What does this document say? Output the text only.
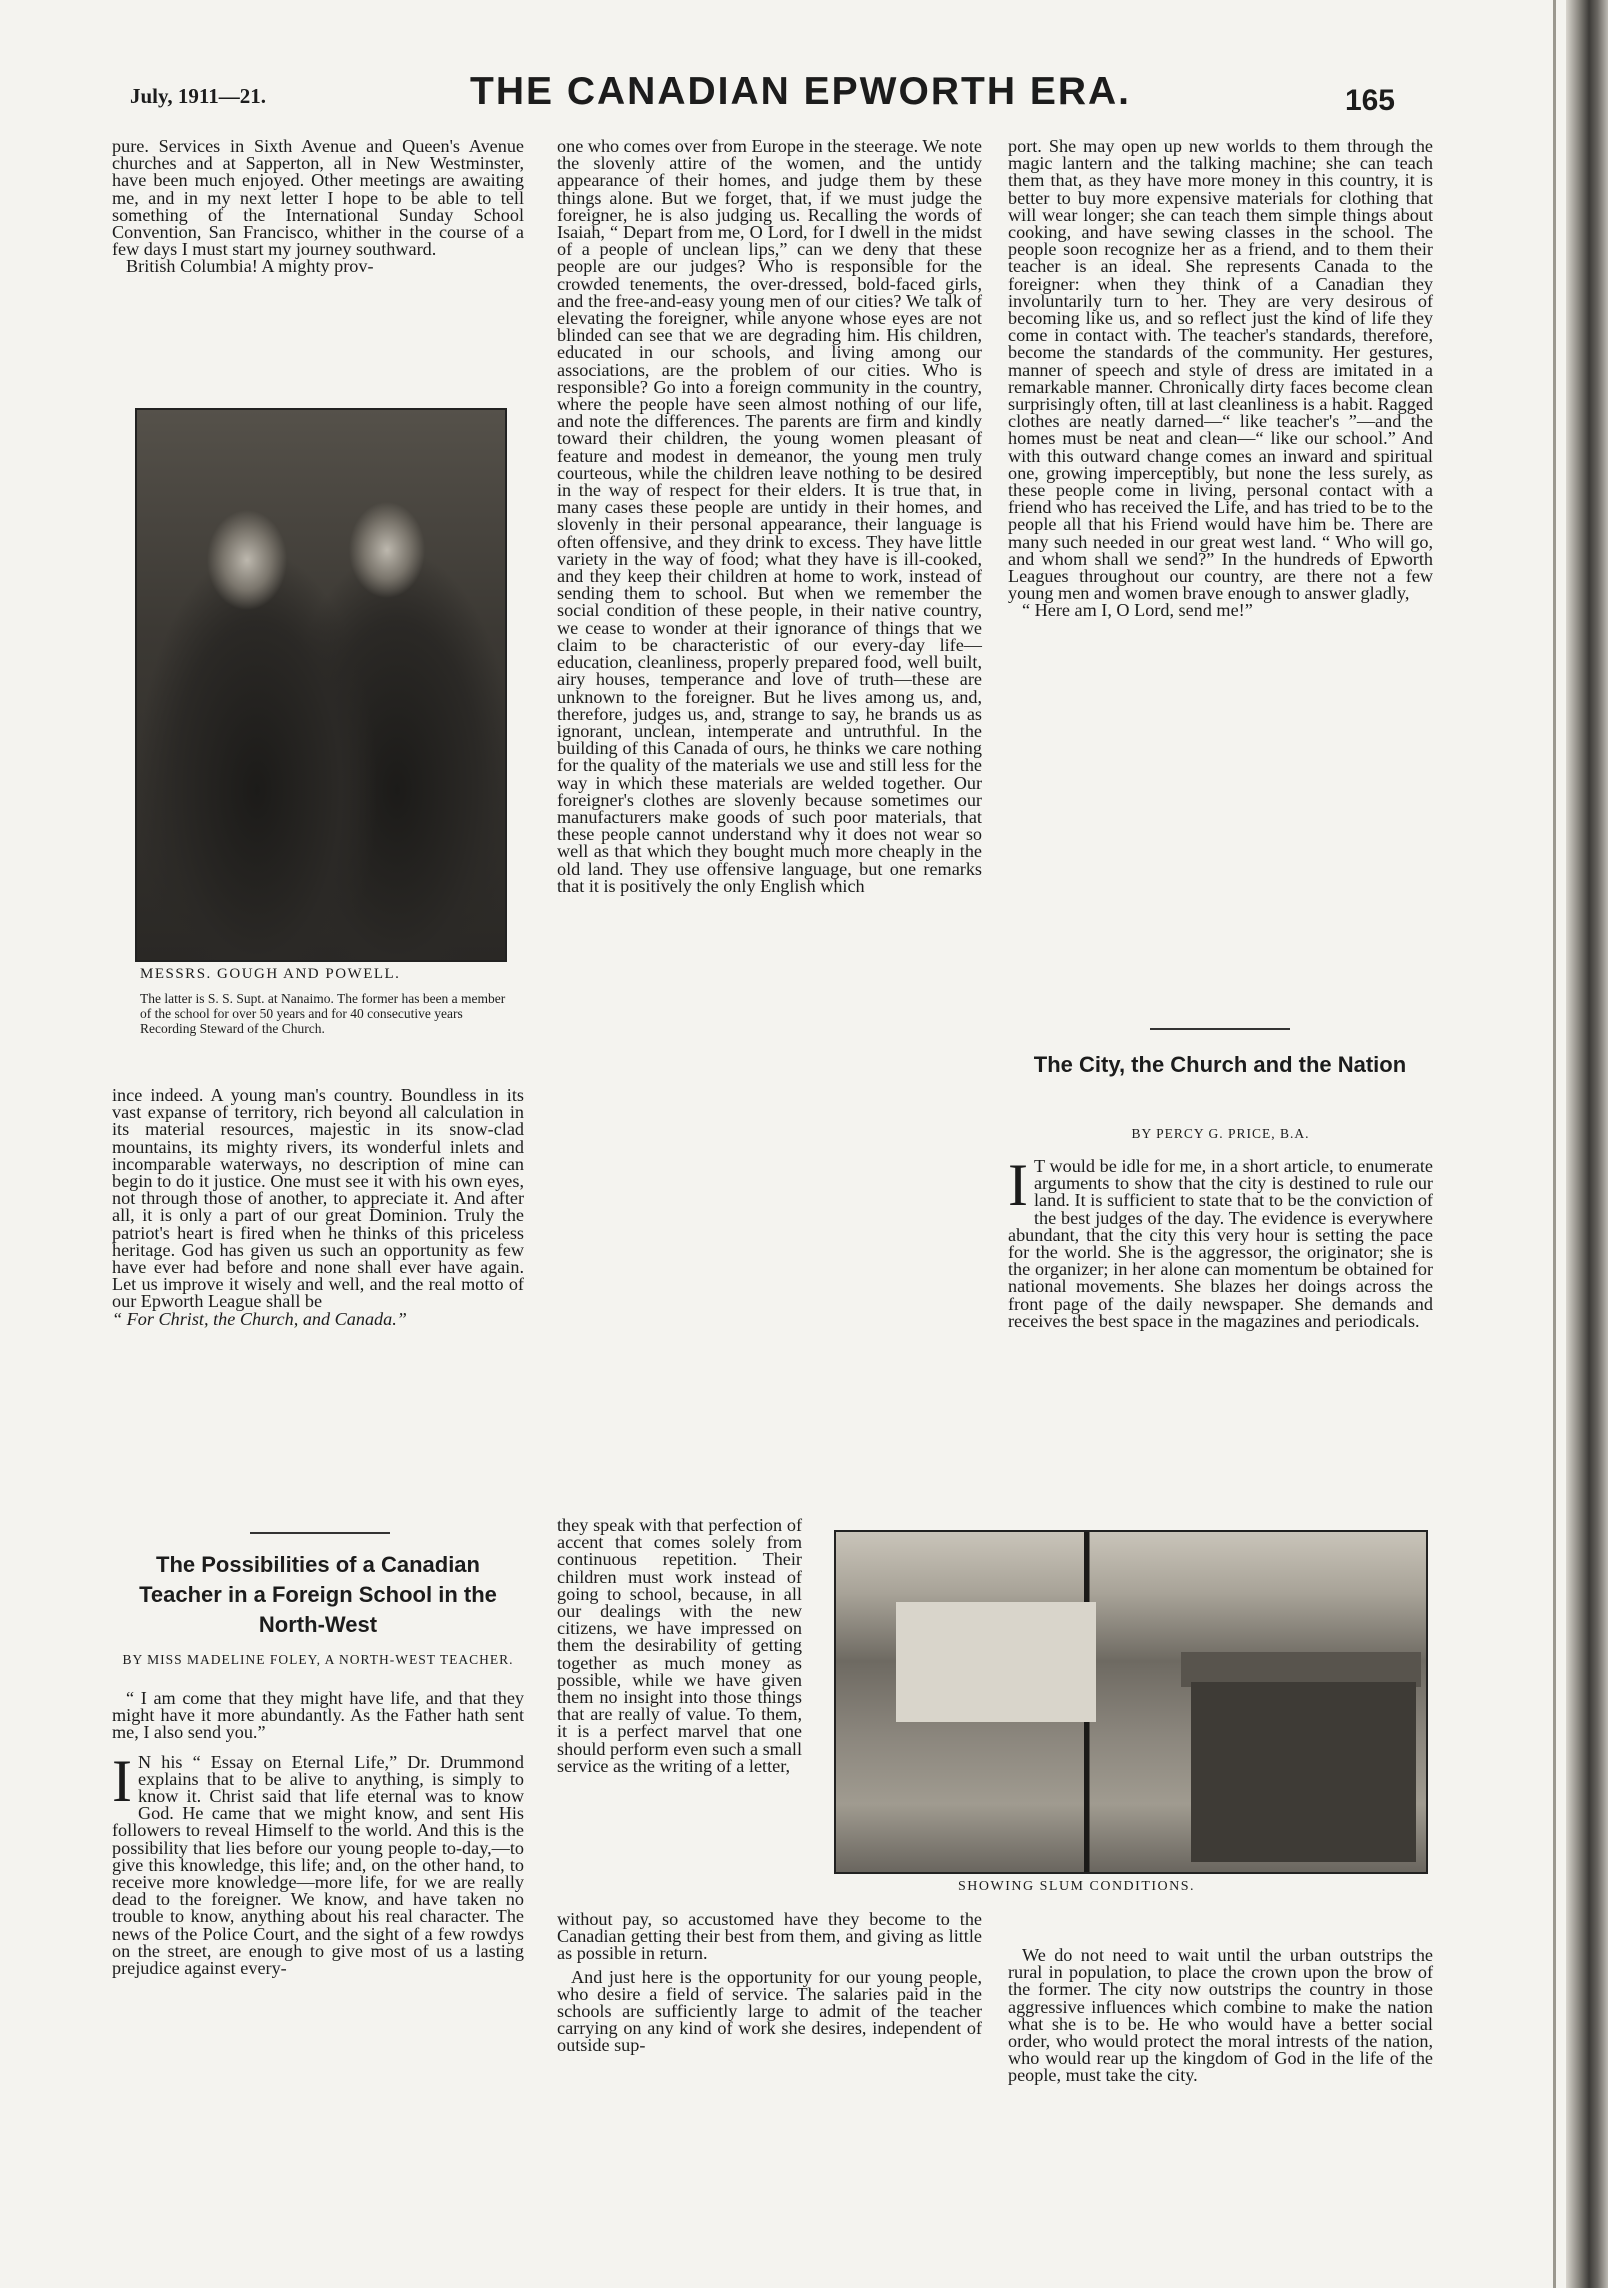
July, 1911—21.	THE CANADIAN EPWORTH ERA.	165

pure. Services in Sixth Avenue and Queen's Avenue churches and at Sapperton, all in New Westminster, have been much enjoyed. Other meetings are awaiting me, and in my next letter I hope to be able to tell something of the International Sunday School Convention, San Francisco, whither in the course of a few days I must start my journey southward.

British Columbia! A mighty prov-

MESSRS. GOUGH AND POWELL.
The latter is S. S. Supt. at Nanaimo. The former has been a member of the school for over 50 years and for 40 consecutive years Recording Steward of the Church.

ince indeed. A young man's country. Boundless in its vast expanse of territory, rich beyond all calculation in its material resources, majestic in its snow-clad mountains, its mighty rivers, its wonderful inlets and incomparable waterways, no description of mine can begin to do it justice. One must see it with his own eyes, not through those of another, to appreciate it. And after all, it is only a part of our great Dominion. Truly the patriot's heart is fired when he thinks of this priceless heritage. God has given us such an opportunity as few have ever had before and none shall ever have again. Let us improve it wisely and well, and the real motto of our Epworth League shall be

“ For Christ, the Church, and Canada.”

The Possibilities of a Canadian Teacher in a Foreign School in the North-West
BY MISS MADELINE FOLEY, A NORTH-WEST TEACHER.

“ I am come that they might have life, and that they might have it more abundantly. As the Father hath sent me, I also send you.”

I N his “ Essay on Eternal Life,” Dr. Drummond explains that to be alive to anything, is simply to know it. Christ said that life eternal was to know God. He came that we might know, and sent His followers to reveal Himself to the world. And this is the possibility that lies before our young people to-day,—to give this knowledge, this life; and, on the other hand, to receive more knowledge—more life, for we are really dead to the foreigner. We know, and have taken no trouble to know, anything about his real character. The news of the Police Court, and the sight of a few rowdys on the street, are enough to give most of us a lasting prejudice against every-

one who comes over from Europe in the steerage. We note the slovenly attire of the women, and the untidy appearance of their homes, and judge them by these things alone. But we forget, that, if we must judge the foreigner, he is also judging us. Recalling the words of Isaiah, “ Depart from me, O Lord, for I dwell in the midst of a people of unclean lips,” can we deny that these people are our judges? Who is responsible for the crowded tenements, the over-dressed, bold-faced girls, and the free-and-easy young men of our cities? We talk of elevating the foreigner, while anyone whose eyes are not blinded can see that we are degrading him. His children, educated in our schools, and living among our associations, are the problem of our cities. Who is responsible? Go into a foreign community in the country, where the people have seen almost nothing of our life, and note the differences. The parents are firm and kindly toward their children, the young women pleasant of feature and modest in demeanor, the young men truly courteous, while the children leave nothing to be desired in the way of respect for their elders. It is true that, in many cases these people are untidy in their homes, and slovenly in their personal appearance, their language is often offensive, and they drink to excess. They have little variety in the way of food; what they have is ill-cooked, and they keep their children at home to work, instead of sending them to school. But when we remember the social condition of these people, in their native country, we cease to wonder at their ignorance of things that we claim to be characteristic of our every-day life—education, cleanliness, properly prepared food, well built, airy houses, temperance and love of truth—these are unknown to the foreigner. But he lives among us, and, therefore, judges us, and, strange to say, he brands us as ignorant, unclean, intemperate and untruthful. In the building of this Canada of ours, he thinks we care nothing for the quality of the materials we use and still less for the way in which these materials are welded together. Our foreigner's clothes are slovenly because sometimes our manufacturers make goods of such poor materials, that these people cannot understand why it does not wear so well as that which they bought much more cheaply in the old land. They use offensive language, but one remarks that it is positively the only English which

they speak with that perfection of accent that comes solely from continuous repetition. Their children must work instead of going to school, because, in all our dealings with the new citizens, we have impressed on them the desirability of getting together as much money as possible, while we have given them no insight into those things that are really of value. To them, it is a perfect marvel that one should perform even such a small service as the writing of a letter,

without pay, so accustomed have they become to the Canadian getting their best from them, and giving as little as possible in return.

And just here is the opportunity for our young people, who desire a field of service. The salaries paid in the schools are sufficiently large to admit of the teacher carrying on any kind of work she desires, independent of outside sup-

port. She may open up new worlds to them through the magic lantern and the talking machine; she can teach them that, as they have more money in this country, it is better to buy more expensive materials for clothing that will wear longer; she can teach them simple things about cooking, and have sewing classes in the school. The people soon recognize her as a friend, and to them their teacher is an ideal. She represents Canada to the foreigner: when they think of a Canadian they involuntarily turn to her. They are very desirous of becoming like us, and so reflect just the kind of life they come in contact with. The teacher's standards, therefore, become the standards of the community. Her gestures, manner of speech and style of dress are imitated in a remarkable manner. Chronically dirty faces become clean surprisingly often, till at last cleanliness is a habit. Ragged clothes are neatly darned—“ like teacher's ”—and the homes must be neat and clean—“ like our school.” And with this outward change comes an inward and spiritual one, growing imperceptibly, but none the less surely, as these people come in living, personal contact with a friend who has received the Life, and has tried to be to the people all that his Friend would have him be. There are many such needed in our great west land. “ Who will go, and whom shall we send?” In the hundreds of Epworth Leagues throughout our country, are there not a few young men and women brave enough to answer gladly,

“ Here am I, O Lord, send me!”

The City, the Church and the Nation
BY PERCY G. PRICE, B.A.

I T would be idle for me, in a short article, to enumerate arguments to show that the city is destined to rule our land. It is sufficient to state that to be the conviction of the best judges of the day. The evidence is everywhere abundant, that the city this very hour is setting the pace for the world. She is the aggressor, the originator; she is the organizer; in her alone can momentum be obtained for national movements. She blazes her doings across the front page of the daily newspaper. She demands and receives the best space in the magazines and periodicals.

SHOWING SLUM CONDITIONS.

We do not need to wait until the urban outstrips the rural in population, to place the crown upon the brow of the former. The city now outstrips the country in those aggressive influences which combine to make the nation what she is to be. He who would have a better social order, who would protect the moral intrests of the nation, who would rear up the kingdom of God in the life of the people, must take the city.
